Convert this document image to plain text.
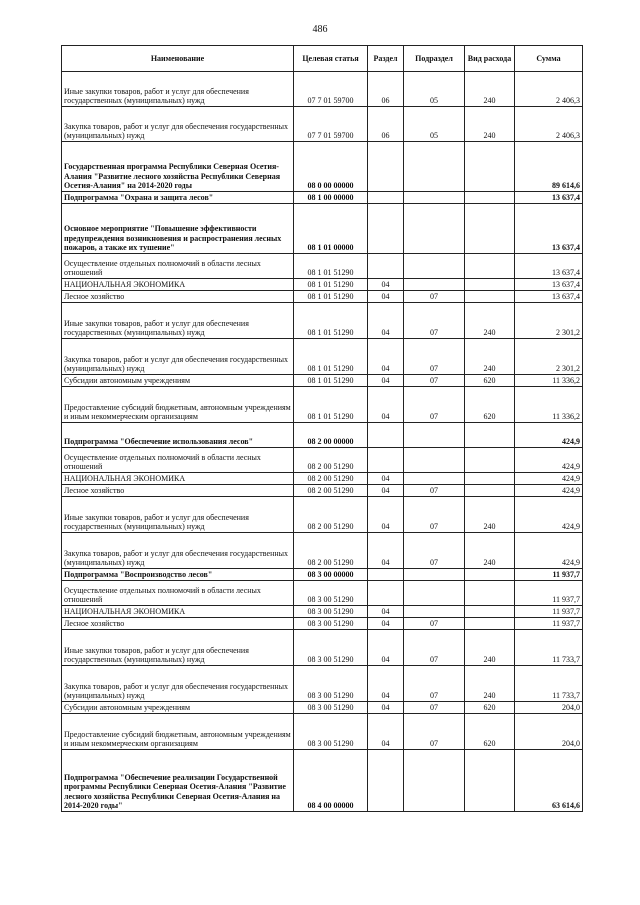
486
Наименование	Целевая статья	Раздел	Подраздел	Вид расхода	Сумма
Иные закупки товаров, работ и услуг для обеспечения государственных (муниципальных) нужд	07 7 01 59700	06	05	240	2 406,3
Закупка товаров, работ и услуг для обеспечения государственных (муниципальных) нужд	07 7 01 59700	06	05	240	2 406,3
Государственная программа Республики Северная Осетия-Алания "Развитие лесного хозяйства Республики Северная Осетия-Алания" на 2014-2020 годы	08 0 00 00000				89 614,6
Подпрограмма "Охрана и защита лесов"	08 1 00 00000				13 637,4
Основное мероприятие "Повышение эффективности предупреждения возникновения и распространения лесных пожаров, а также их тушение"	08 1 01 00000				13 637,4
Осуществление отдельных полномочий в области лесных отношений	08 1 01 51290				13 637,4
НАЦИОНАЛЬНАЯ ЭКОНОМИКА	08 1 01 51290	04			13 637,4
Лесное хозяйство	08 1 01 51290	04	07		13 637,4
Иные закупки товаров, работ и услуг для обеспечения государственных (муниципальных) нужд	08 1 01 51290	04	07	240	2 301,2
Закупка товаров, работ и услуг для обеспечения государственных (муниципальных) нужд	08 1 01 51290	04	07	240	2 301,2
Субсидии автономным учреждениям	08 1 01 51290	04	07	620	11 336,2
Предоставление субсидий бюджетным, автономным учреждениям и иным некоммерческим организациям	08 1 01 51290	04	07	620	11 336,2
Подпрограмма "Обеспечение использования лесов"	08 2 00 00000				424,9
Осуществление отдельных полномочий в области лесных отношений	08 2 00 51290				424,9
НАЦИОНАЛЬНАЯ ЭКОНОМИКА	08 2 00 51290	04			424,9
Лесное хозяйство	08 2 00 51290	04	07		424,9
Иные закупки товаров, работ и услуг для обеспечения государственных (муниципальных) нужд	08 2 00 51290	04	07	240	424,9
Закупка товаров, работ и услуг для обеспечения государственных (муниципальных) нужд	08 2 00 51290	04	07	240	424,9
Подпрограмма "Воспроизводство лесов"	08 3 00 00000				11 937,7
Осуществление отдельных полномочий в области лесных отношений	08 3 00 51290				11 937,7
НАЦИОНАЛЬНАЯ ЭКОНОМИКА	08 3 00 51290	04			11 937,7
Лесное хозяйство	08 3 00 51290	04	07		11 937,7
Иные закупки товаров, работ и услуг для обеспечения государственных (муниципальных) нужд	08 3 00 51290	04	07	240	11 733,7
Закупка товаров, работ и услуг для обеспечения государственных (муниципальных) нужд	08 3 00 51290	04	07	240	11 733,7
Субсидии автономным учреждениям	08 3 00 51290	04	07	620	204,0
Предоставление субсидий бюджетным, автономным учреждениям и иным некоммерческим организациям	08 3 00 51290	04	07	620	204,0
Подпрограмма "Обеспечение реализации Государственной программы Республики Северная Осетия-Алания "Развитие лесного хозяйства Республики Северная Осетия-Алания на 2014-2020 годы"	08 4 00 00000				63 614,6
